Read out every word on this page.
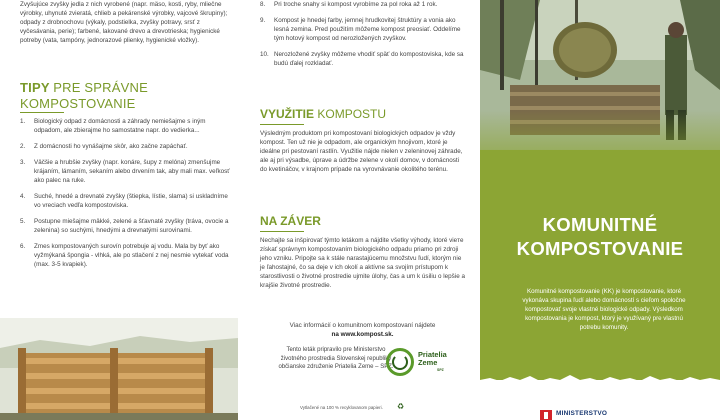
Zvyšujúce zvyšky jedla z nich vyrobené (napr. mäso, kosti, ryby, mliečne výrobky, uhynuté zvieratá, chlieb a pekárenské výrobky, vajcové škrupiny); odpady z drobnochovu (výkaly, podstielka, zvyšky potravy, srsť z vyčesávania, perie); farbené, lakované drevo a drevotrieska; hygienické potreby (vata, tampóny, jednorazové plienky, hygienické vložky).

TIPY PRE SPRÁVNE KOMPOSTOVANIE
1.	Biologický odpad z domácnosti a záhrady nemiešajme s iným odpadom, ale zbierajme ho samostatne napr. do vedierka...
2.	Z domácnosti ho vynášajme skôr, ako začne zapáchať.
3.	Väčšie a hrubšie zvyšky (napr. konáre, šupy z melóna) zmenšujme krájaním, lámaním, sekaním alebo drvením tak, aby mali max. veľkosť ako palec na ruke.
4.	Suché, hnedé a drevnaté zvyšky (štiepka, lístie, slama) si uskladníme vo vreciach vedľa kompostoviska.
5.	Postupne miešajme mäkké, zelené a šťavnaté zvyšky (tráva, ovocie a zelenina) so suchými, hnedými a drevnatými surovinami.
6.	Zmes kompostovaných surovín potrebuje aj vodu. Mala by byť ako vyžmýkaná špongia - vlhká, ale po stlačení z nej nesmie vytekať voda (max. 3-5 kvapiek).
8.	Pri troche snahy si kompost vyrobíme za pol roka až 1 rok.
9.	Kompost je hnedej farby, jemnej hrudkovitej štruktúry a vonia ako lesná zemina. Pred použitím môžeme kompost preosiať. Oddelíme tým hotový kompost od nerozložených zvyškov.
10. Nerozložené zvyšky môžeme vhodiť späť do kompostoviska, kde sa budú ďalej rozkladať.
VYUŽITIE KOMPOSTU

Výsledným produktom pri kompostovaní biologických odpadov je vždy kompost. Ten už nie je odpadom, ale organickým hnojivom, ktoré je ideálne pri pestovaní rastlín. Využitie nájde nielen v zeleninovej záhrade, ale aj pri výsadbe, úprave a údržbe zelene v okolí domov, v domácnosti do kvetináčov, v krajnom prípade na vyrovnávanie okolitého terénu.

NA ZÁVER

Nechajte sa inšpirovať týmto letákom a nájdite všetky výhody, ktoré vieте získať správnym kompostovaním biologického odpadu priamo pri zdroji jeho vzniku. Pripojte sa k stále narastajúcemu množstvu ľudí, ktorým nie je ľahostajné, čo sa deje v ich okolí a aktívne sa svojím prístupom k starostlivosti o životné prostredie ujmite úlohy, čas a um k úsiliu o lepšie a krajšie životné prostredie.

Viac informácií o komunitnom kompostovaní nájdete
na www.kompost.sk.

Tento leták pripravilo pre Ministerstvo životného prostredia Slovenskej republiky občianske združenie Priatelia Zeme – SPZ.

Priatelia Zeme
SPZ
Vytlačené na 100 % recyklovanom papieri. ♻
KOMUNITNÉ
KOMPOSTOVANIE

Komunitné kompostovanie (KK) je kompostovanie, ktoré vykonáva skupina ľudí alebo domácností s cieľom spoločne kompostovať svoje vlastné biologické odpady. Výsledkom kompostovania je kompost, ktorý je využívaný pre vlastnú potrebu komunity.

MINISTERSTVO
